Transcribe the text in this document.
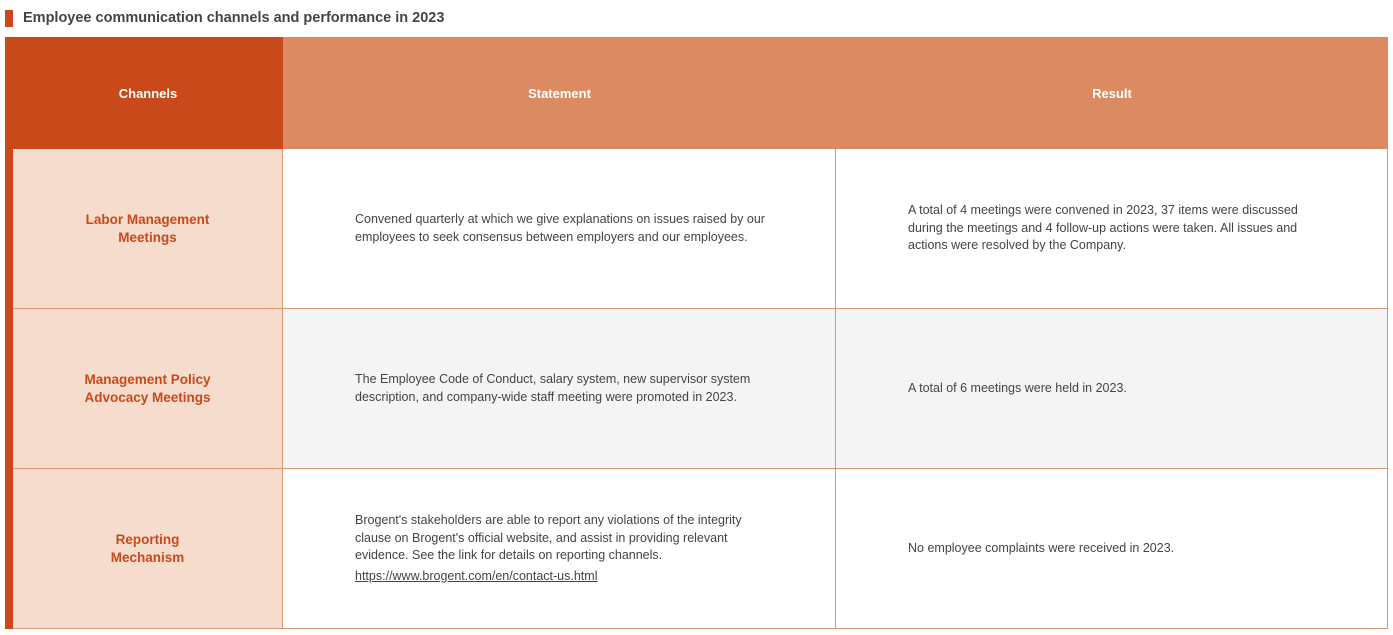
Employee communication channels and performance in 2023
Channels	Statement	Result
Labor Management Meetings
Convened quarterly at which we give explanations on issues raised by our employees to seek consensus between employers and our employees.
A total of 4 meetings were convened in 2023, 37 items were discussed during the meetings and 4 follow-up actions were taken. All issues and actions were resolved by the Company.
Management Policy Advocacy Meetings
The Employee Code of Conduct, salary system, new supervisor system description, and company-wide staff meeting were promoted in 2023.
A total of 6 meetings were held in 2023.
Reporting Mechanism
Brogent's stakeholders are able to report any violations of the integrity clause on Brogent's official website, and assist in providing relevant evidence. See the link for details on reporting channels.
https://www.brogent.com/en/contact-us.html
No employee complaints were received in 2023.
